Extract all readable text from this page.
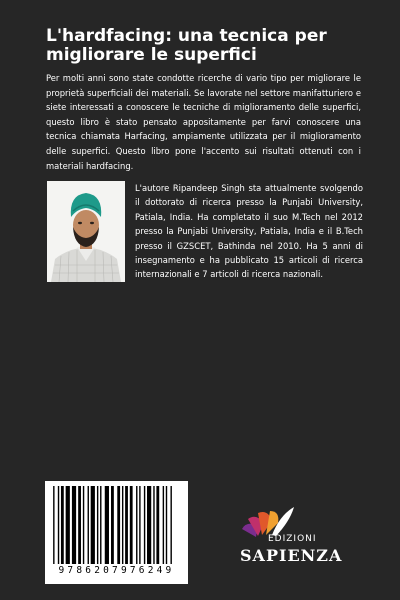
L'hardfacing: una tecnica per migliorare le superfici

Per molti anni sono state condotte ricerche di vario tipo per migliorare le proprietà superficiali dei materiali. Se lavorate nel settore manifatturiero e siete interessati a conoscere le tecniche di miglioramento delle superfici, questo libro è stato pensato appositamente per farvi conoscere una tecnica chiamata Harfacing, ampiamente utilizzata per il miglioramento delle superfici. Questo libro pone l'accento sui risultati ottenuti con i materiali hardfacing.

L'autore Ripandeep Singh sta attualmente svolgendo il dottorato di ricerca presso la Punjabi University, Patiala, India. Ha completato il suo M.Tech nel 2012 presso la Punjabi University, Patiala, India e il B.Tech presso il GZSCET, Bathinda nel 2010. Ha 5 anni di insegnamento e ha pubblicato 15 articoli di ricerca internazionali e 7 articoli di ricerca nazionali.

9786207976249
EDIZIONI
SAPIENZA
